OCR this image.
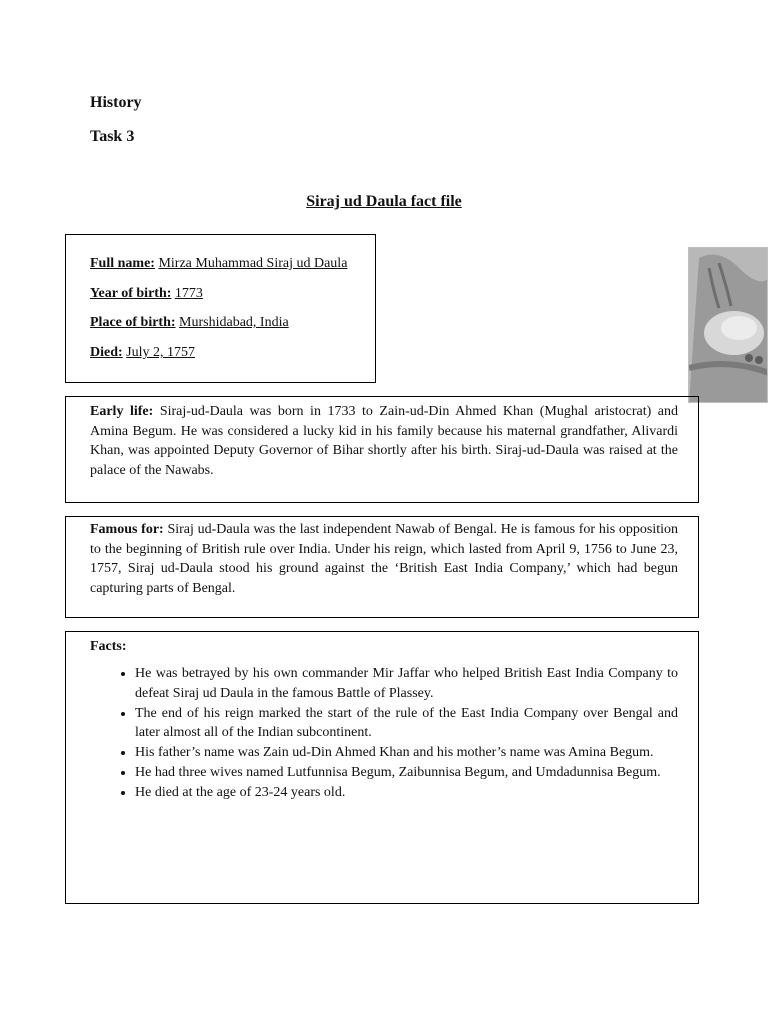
History
Task 3
Siraj ud Daula fact file
Full name: Mirza Muhammad Siraj ud Daula
Year of birth: 1773
Place of birth: Murshidabad, India
Died: July 2, 1757
Early life: Siraj-ud-Daula was born in 1733 to Zain-ud-Din Ahmed Khan (Mughal aristocrat) and Amina Begum. He was considered a lucky kid in his family because his maternal grandfather, Alivardi Khan, was appointed Deputy Governor of Bihar shortly after his birth. Siraj-ud-Daula was raised at the palace of the Nawabs.
Famous for: Siraj ud-Daula was the last independent Nawab of Bengal. He is famous for his opposition to the beginning of British rule over India. Under his reign, which lasted from April 9, 1756 to June 23, 1757, Siraj ud-Daula stood his ground against the ‘British East India Company,’ which had begun capturing parts of Bengal.
Facts:
• He was betrayed by his own commander Mir Jaffar who helped British East India Company to defeat Siraj ud Daula in the famous Battle of Plassey.
• The end of his reign marked the start of the rule of the East India Company over Bengal and later almost all of the Indian subcontinent.
• His father’s name was Zain ud-Din Ahmed Khan and his mother’s name was Amina Begum.
• He had three wives named Lutfunnisa Begum, Zaibunnisa Begum, and Umdadunnisa Begum.
• He died at the age of 23-24 years old.
